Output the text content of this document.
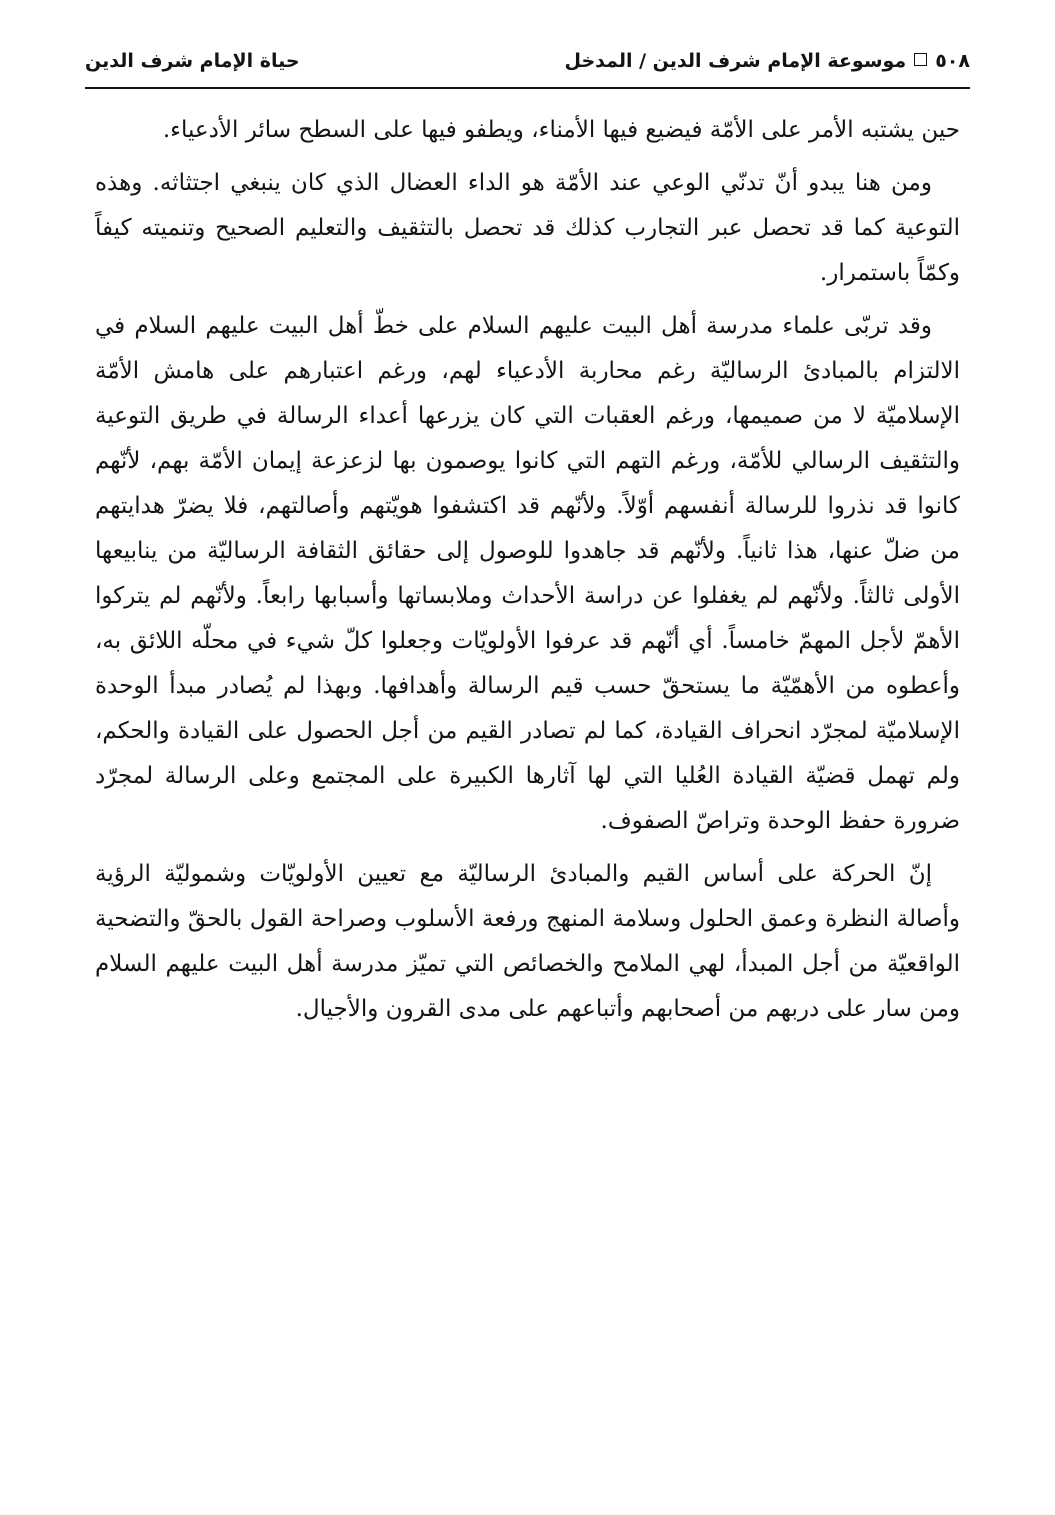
٥٠٨موسوعة الإمام شرف الدين / المدخل
حياة الإمام شرف الدين

حين يشتبه الأمر على الأمّة فيضيع فيها الأمناء، ويطفو فيها على السطح سائر الأدعياء.

ومن هنا يبدو أنّ تدنّي الوعي عند الأمّة هو الداء العضال الذي كان ينبغي اجتثاثه. وهذه التوعية كما قد تحصل عبر التجارب كذلك قد تحصل بالتثقيف والتعليم الصحيح وتنميته كيفاً وكمّاً باستمرار.

وقد تربّى علماء مدرسة أهل البيت عليهم السلام على خطّ أهل البيت عليهم السلام في الالتزام بالمبادئ الرساليّة رغم محاربة الأدعياء لهم، ورغم اعتبارهم على هامش الأمّة الإسلاميّة لا من صميمها، ورغم العقبات التي كان يزرعها أعداء الرسالة في طريق التوعية والتثقيف الرسالي للأمّة، ورغم التهم التي كانوا يوصمون بها لزعزعة إيمان الأمّة بهم، لأنّهم كانوا قد نذروا للرسالة أنفسهم أوّلاً. ولأنّهم قد اكتشفوا هويّتهم وأصالتهم، فلا يضرّ هدايتهم من ضلّ عنها، هذا ثانياً. ولأنّهم قد جاهدوا للوصول إلى حقائق الثقافة الرساليّة من ينابيعها الأولى ثالثاً. ولأنّهم لم يغفلوا عن دراسة الأحداث وملابساتها وأسبابها رابعاً. ولأنّهم لم يتركوا الأهمّ لأجل المهمّ خامساً. أي أنّهم قد عرفوا الأولويّات وجعلوا كلّ شيء في محلّه اللائق به، وأعطوه من الأهمّيّة ما يستحقّ حسب قيم الرسالة وأهدافها. وبهذا لم يُصادر مبدأ الوحدة الإسلاميّة لمجرّد انحراف القيادة، كما لم تصادر القيم من أجل الحصول على القيادة والحكم، ولم تهمل قضيّة القيادة العُليا التي لها آثارها الكبيرة على المجتمع وعلى الرسالة لمجرّد ضرورة حفظ الوحدة وتراصّ الصفوف.

إنّ الحركة على أساس القيم والمبادئ الرساليّة مع تعيين الأولويّات وشموليّة الرؤية وأصالة النظرة وعمق الحلول وسلامة المنهج ورفعة الأسلوب وصراحة القول بالحقّ والتضحية الواقعيّة من أجل المبدأ، لهي الملامح والخصائص التي تميّز مدرسة أهل البيت عليهم السلام ومن سار على دربهم من أصحابهم وأتباعهم على مدى القرون والأجيال.
